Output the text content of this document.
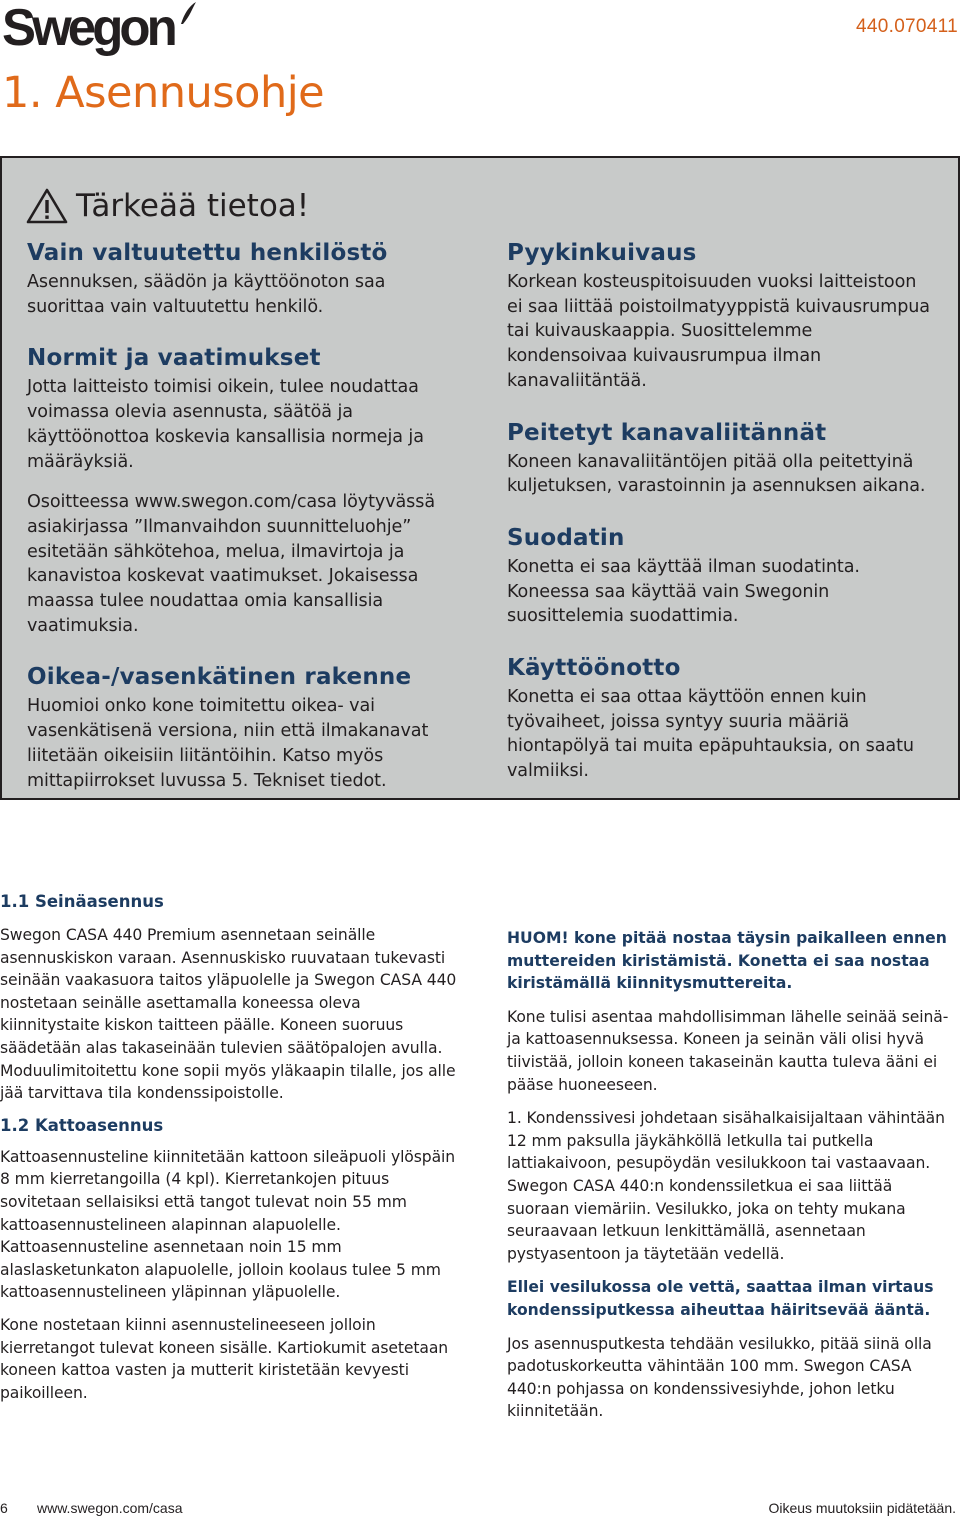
Swegon	440.070411
1. Asennusohje
Tärkeää tietoa!
Vain valtuutettu henkilöstö

Asennuksen, säädön ja käyttöönoton saa suorittaa vain valtuutettu henkilö.

Normit ja vaatimukset

Jotta laitteisto toimisi oikein, tulee noudattaa voimassa olevia asennusta, säätöä ja käyttöönottoa koskevia kansallisia normeja ja määräyksiä.

Osoitteessa www.swegon.com/casa löytyvässä asiakirjassa ”Ilmanvaihdon suunnitteluohje” esitetään sähkötehoa, melua, ilmavirtoja ja kanavistoa koskevat vaatimukset. Jokaisessa maassa tulee noudattaa omia kansallisia vaatimuksia.

Oikea-/vasenkätinen rakenne

Huomioi onko kone toimitettu oikea- vai vasenkätisenä versiona, niin että ilmakanavat liitetään oikeisiin liitäntöihin. Katso myös mittapiirrokset luvussa 5. Tekniset tiedot.

Pyykinkuivaus

Korkean kosteuspitoisuuden vuoksi laitteistoon ei saa liittää poistoilmatyyppistä kuivausrumpua tai kuivauskaappia. Suosittelemme kondensoivaa kuivausrumpua ilman kanavaliitäntää.

Peitetyt kanavaliitännät

Koneen kanavaliitäntöjen pitää olla peitettyinä kuljetuksen, varastoinnin ja asennuksen aikana.

Suodatin

Konetta ei saa käyttää ilman suodatinta. Koneessa saa käyttää vain Swegonin suosittelemia suodattimia.

Käyttöönotto

Konetta ei saa ottaa käyttöön ennen kuin työvaiheet, joissa syntyy suuria määriä hiontapölyä tai muita epäpuhtauksia, on saatu valmiiksi.

1.1 Seinäasennus

Swegon CASA 440 Premium asennetaan seinälle asennuskiskon varaan. Asennuskisko ruuvataan tukevasti seinään vaakasuora taitos yläpuolelle ja Swegon CASA 440 nostetaan seinälle asettamalla koneessa oleva kiinnitystaite kiskon taitteen päälle. Koneen suoruus säädetään alas takaseinään tulevien säätöpalojen avulla. Moduulimitoitettu kone sopii myös yläkaapin tilalle, jos alle jää tarvittava tila kondenssipoistolle.

1.2 Kattoasennus

Kattoasennusteline kiinnitetään kattoon sileäpuoli ylöspäin 8 mm kierretangoilla (4 kpl). Kierretankojen pituus sovitetaan sellaisiksi että tangot tulevat noin 55 mm kattoasennustelineen alapinnan alapuolelle. Kattoasennusteline asennetaan noin 15 mm alaslasketunkaton alapuolelle, jolloin koolaus tulee 5 mm kattoasennustelineen yläpinnan yläpuolelle.

Kone nostetaan kiinni asennustelineeseen jolloin kierretangot tulevat koneen sisälle. Kartiokumit asetetaan koneen kattoa vasten ja mutterit kiristetään kevyesti paikoilleen.

HUOM! kone pitää nostaa täysin paikalleen ennen muttereiden kiristämistä. Konetta ei saa nostaa kiristämällä kiinnitysmuttereita.

Kone tulisi asentaa mahdollisimman lähelle seinää seinä- ja kattoasennuksessa. Koneen ja seinän väli olisi hyvä tiivistää, jolloin koneen takaseinän kautta tuleva ääni ei pääse huoneeseen.

1. Kondenssivesi johdetaan sisähalkaisijaltaan vähintään 12 mm paksulla jäykähköllä letkulla tai putkella lattiakaivoon, pesupöydän vesilukkoon tai vastaavaan. Swegon CASA 440:n kondenssiletkua ei saa liittää suoraan viemäriin. Vesilukko, joka on tehty mukana seuraavaan letkuun lenkittämällä, asennetaan pystyasentoon ja täytetään vedellä.

Ellei vesilukossa ole vettä, saattaa ilman virtaus kondenssiputkessa aiheuttaa häiritsevää ääntä.

Jos asennusputkesta tehdään vesilukko, pitää siinä olla padotuskorkeutta vähintään 100 mm. Swegon CASA 440:n pohjassa on kondenssivesiyhde, johon letku kiinnitetään.

6 www.swegon.com/casa	Oikeus muutoksiin pidätetään.
